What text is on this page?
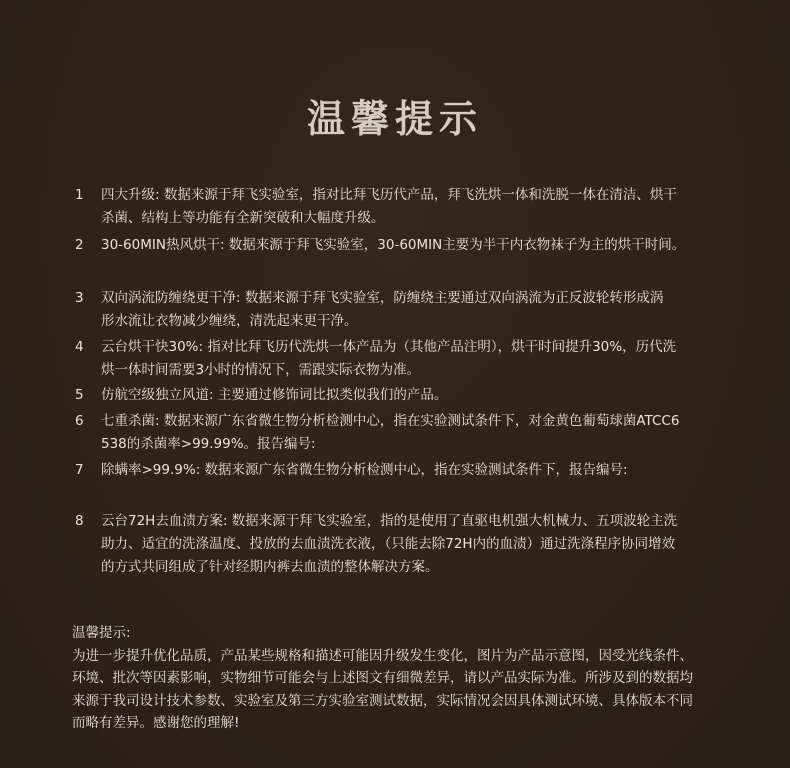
温馨提示
1	四大升级: 数据来源于拜飞实验室，指对比拜飞历代产品，拜飞洗烘一体和洗脱一体在清洁、烘干
杀菌、结构上等功能有全新突破和大幅度升级。
2	30-60MIN热风烘干: 数据来源于拜飞实验室，30-60MIN主要为半干内衣物袜子为主的烘干时间。
3	双向涡流防缠绕更干净: 数据来源于拜飞实验室，防缠绕主要通过双向涡流为正反波轮转形成涡
形水流让衣物减少缠绕，清洗起来更干净。
4	云台烘干快30%: 指对比拜飞历代洗烘一体产品为（其他产品注明），烘干时间提升30%，历代洗
烘一体时间需要3小时的情况下，需跟实际衣物为准。
5	仿航空级独立风道: 主要通过修饰词比拟类似我们的产品。
6	七重杀菌: 数据来源广东省微生物分析检测中心，指在实验测试条件下，对金黄色葡萄球菌ATCC6
538的杀菌率>99.99%。报告编号:
7	除螨率>99.9%: 数据来源广东省微生物分析检测中心，指在实验测试条件下，报告编号:
8	云台72H去血渍方案: 数据来源于拜飞实验室，指的是使用了直驱电机强大机械力、五项波轮主洗
助力、适宜的洗涤温度、投放的去血渍洗衣液，（只能去除72H内的血渍）通过洗涤程序协同增效
的方式共同组成了针对经期内裤去血渍的整体解决方案。
温馨提示:
为进一步提升优化品质，产品某些规格和描述可能因升级发生变化，图片为产品示意图，因受光线条件、
环境、批次等因素影响，实物细节可能会与上述图文有细微差异，请以产品实际为准。所涉及到的数据均
来源于我司设计技术参数、实验室及第三方实验室测试数据，实际情况会因具体测试环境、具体版本不同
而略有差异。感谢您的理解!
